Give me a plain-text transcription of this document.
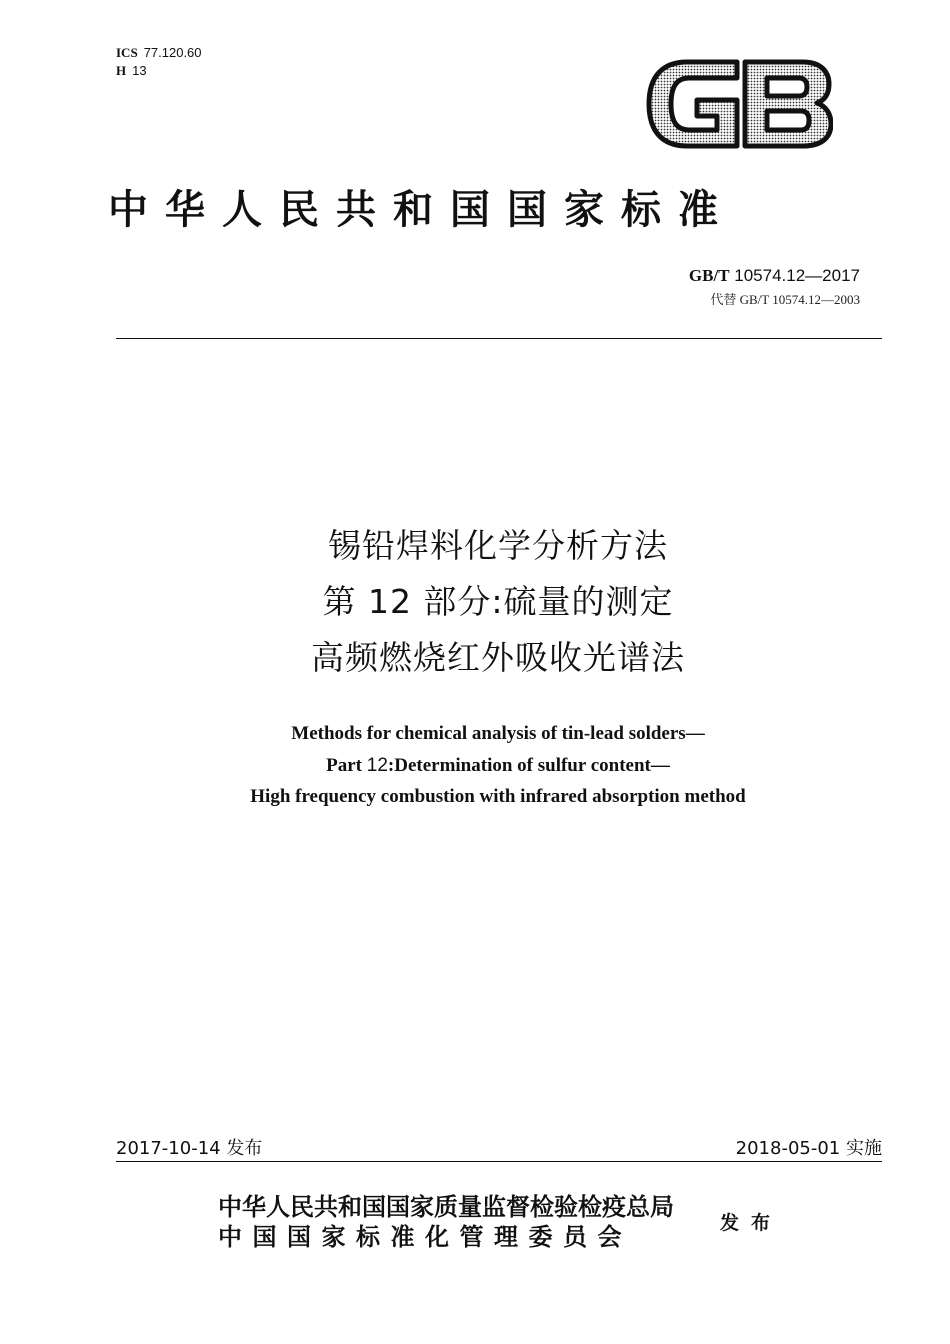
ICS 77.120.60
H 13
中华人民共和国国家标准
GB/T 10574.12—2017
代替 GB/T 10574.12—2003
锡铅焊料化学分析方法
第 12 部分:硫量的测定
高频燃烧红外吸收光谱法
Methods for chemical analysis of tin-lead solders—
Part 12:Determination of sulfur content—
High frequency combustion with infrared absorption method
2017-10-14 发布	2018-05-01 实施
中华人民共和国国家质量监督检验检疫总局
中国国家标准化管理委员会	发布
